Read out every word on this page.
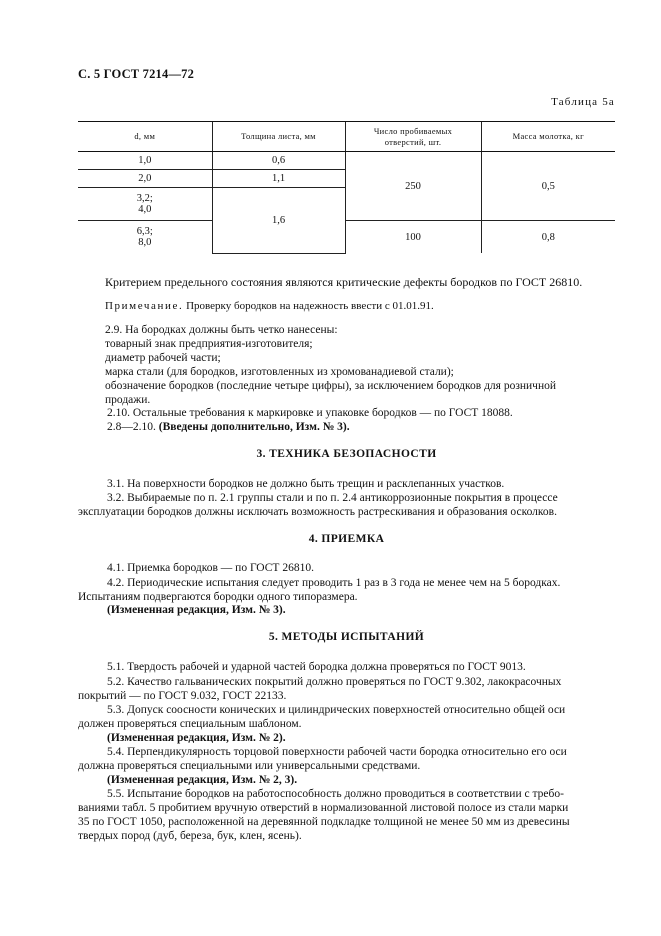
С. 5 ГОСТ 7214—72
Таблица 5а
d, мм	Толщина листа, мм	Число пробиваемых отверстий, шт.	Масса молотка, кг
1,0	0,6	250	0,5
2,0	1,1		

3,2;
4,0	1,6		

6,3;
8,0		100	0,8
Критерием предельного состояния являются критические дефекты бородков по ГОСТ 26810.
Примечание. Проверку бородков на надежность ввести с 01.01.91.
2.9. На бородках должны быть четко нанесены:
товарный знак предприятия-изготовителя;
диаметр рабочей части;
марка стали (для бородков, изготовленных из хромованадиевой стали);
обозначение бородков (последние четыре цифры), за исключением бородков для розничной
продажи.
2.10. Остальные требования к маркировке и упаковке бородков — по ГОСТ 18088.
2.8—2.10. (Введены дополнительно, Изм. № 3).
3. ТЕХНИКА БЕЗОПАСНОСТИ
3.1. На поверхности бородков не должно быть трещин и расклепанных участков.
3.2. Выбираемые по п. 2.1 группы стали и по п. 2.4 антикоррозионные покрытия в процессе
эксплуатации бородков должны исключать возможность растрескивания и образования осколков.
4. ПРИЕМКА
4.1. Приемка бородков — по ГОСТ 26810.
4.2. Периодические испытания следует проводить 1 раз в 3 года не менее чем на 5 бородках.
Испытаниям подвергаются бородки одного типоразмера.
(Измененная редакция, Изм. № 3).
5. МЕТОДЫ ИСПЫТАНИЙ
5.1. Твердость рабочей и ударной частей бородка должна проверяться по ГОСТ 9013.
5.2. Качество гальванических покрытий должно проверяться по ГОСТ 9.302, лакокрасочных
покрытий — по ГОСТ 9.032, ГОСТ 22133.
5.3. Допуск соосности конических и цилиндрических поверхностей относительно общей оси
должен проверяться специальным шаблоном.
(Измененная редакция, Изм. № 2).
5.4. Перпендикулярность торцовой поверхности рабочей части бородка относительно его оси
должна проверяться специальными или универсальными средствами.
(Измененная редакция, Изм. № 2, 3).
5.5. Испытание бородков на работоспособность должно проводиться в соответствии с требо-
ваниями табл. 5 пробитием вручную отверстий в нормализованной листовой полосе из стали марки
35 по ГОСТ 1050, расположенной на деревянной подкладке толщиной не менее 50 мм из древесины
твердых пород (дуб, береза, бук, клен, ясень).
